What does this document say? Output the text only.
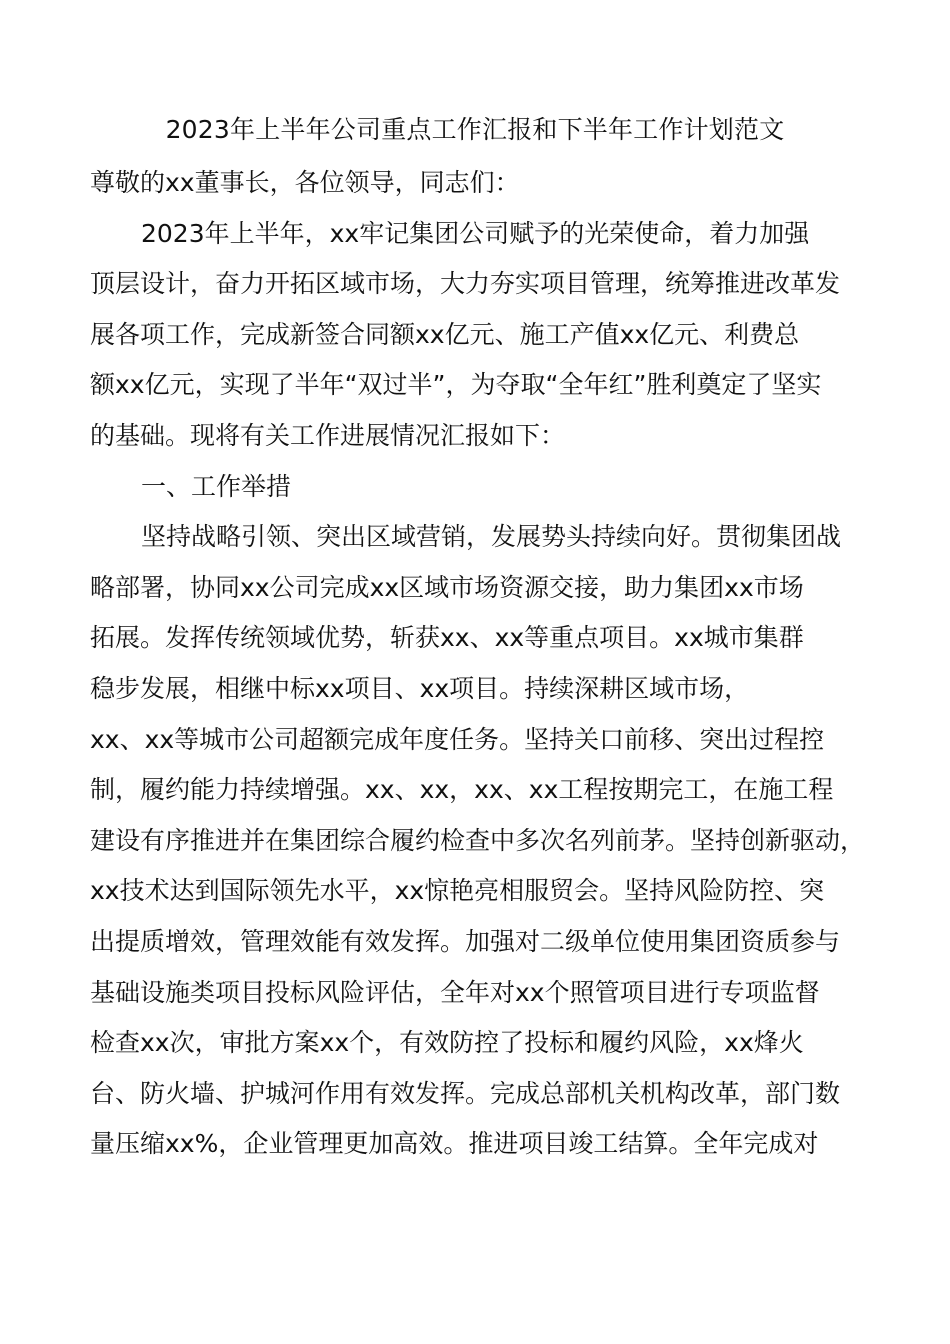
2023年上半年公司重点工作汇报和下半年工作计划范文
尊敬的xx董事长，各位领导，同志们：
2023年上半年，xx牢记集团公司赋予的光荣使命，着力加强
顶层设计，奋力开拓区域市场，大力夯实项目管理，统筹推进改革发
展各项工作，完成新签合同额xx亿元、施工产值xx亿元、利费总
额xx亿元，实现了半年“双过半”，为夺取“全年红”胜利奠定了坚实
的基础。现将有关工作进展情况汇报如下：
一、工作举措
坚持战略引领、突出区域营销，发展势头持续向好。贯彻集团战
略部署，协同xx公司完成xx区域市场资源交接，助力集团xx市场
拓展。发挥传统领域优势，斩获xx、xx等重点项目。xx城市集群
稳步发展，相继中标xx项目、xx项目。持续深耕区域市场，
xx、xx等城市公司超额完成年度任务。坚持关口前移、突出过程控
制，履约能力持续增强。xx、xx，xx、xx工程按期完工，在施工程
建设有序推进并在集团综合履约检查中多次名列前茅。坚持创新驱动，
xx技术达到国际领先水平，xx惊艳亮相服贸会。坚持风险防控、突
出提质增效，管理效能有效发挥。加强对二级单位使用集团资质参与
基础设施类项目投标风险评估，全年对xx个照管项目进行专项监督
检查xx次，审批方案xx个，有效防控了投标和履约风险，xx烽火
台、防火墙、护城河作用有效发挥。完成总部机关机构改革，部门数
量压缩xx%，企业管理更加高效。推进项目竣工结算。全年完成对
